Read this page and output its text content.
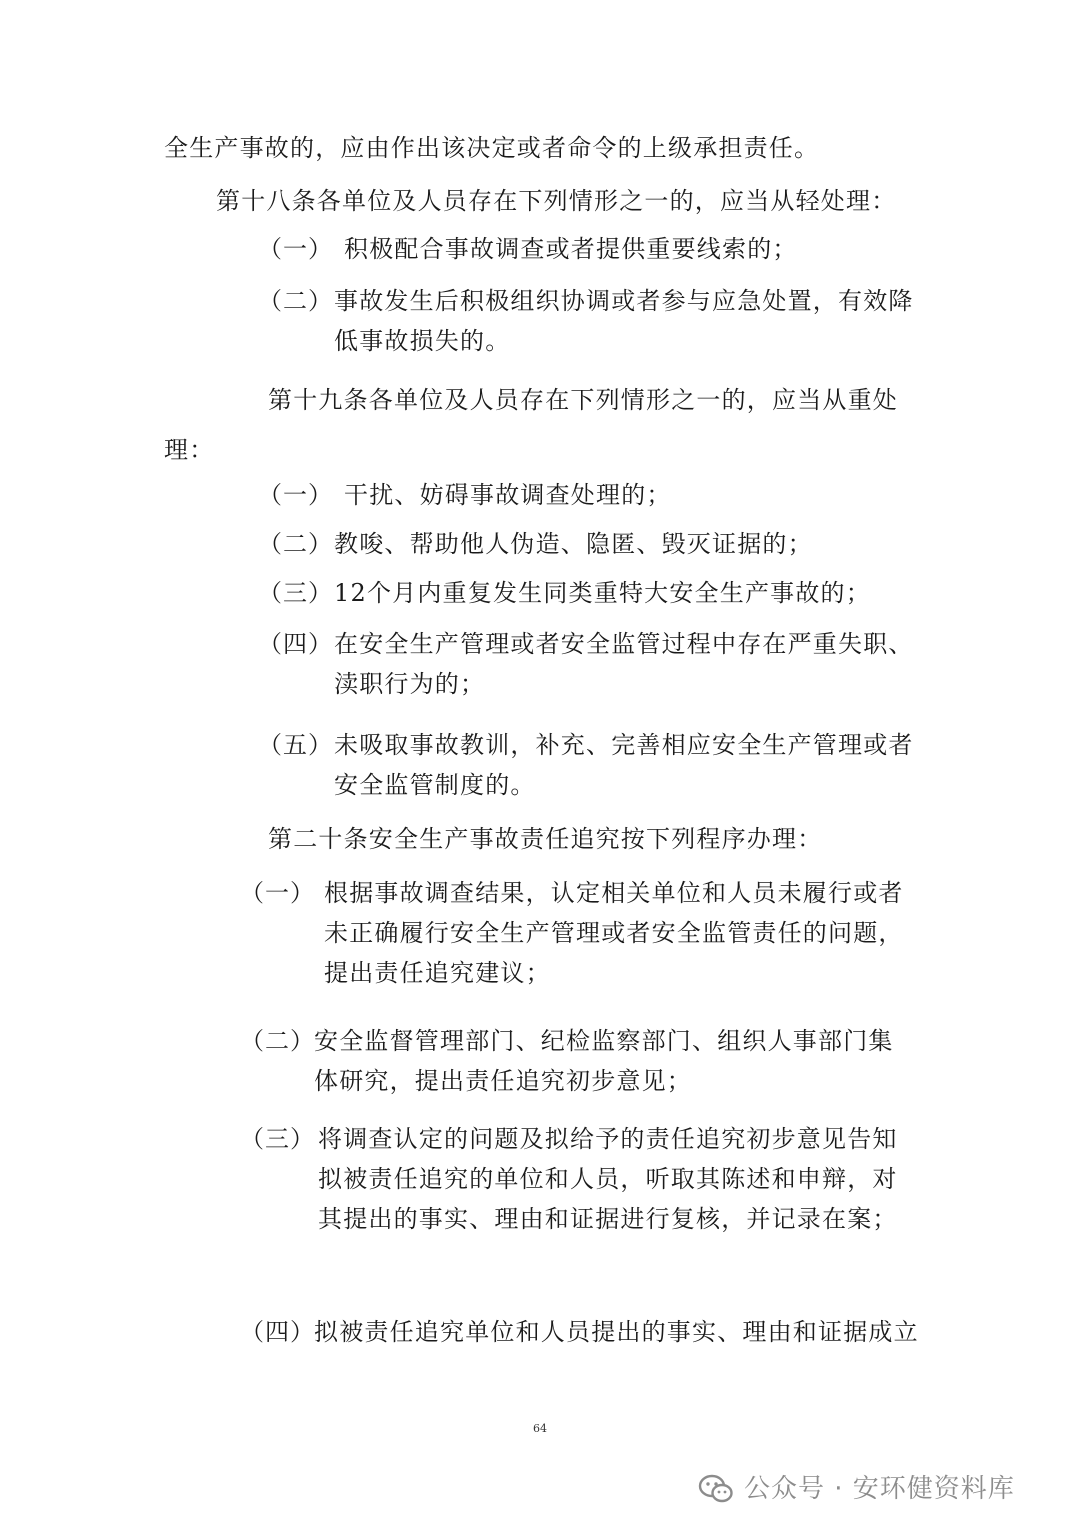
全生产事故的，应由作出该决定或者命令的上级承担责任。

第十八条各单位及人员存在下列情形之一的，应当从轻处理：

（一） 积极配合事故调查或者提供重要线索的；

（二） 事故发生后积极组织协调或者参与应急处置，有效降低事故损失的。

第十九条各单位及人员存在下列情形之一的，应当从重处

理：

（一） 干扰、妨碍事故调查处理的；

（二） 教唆、帮助他人伪造、隐匿、毁灭证据的；

（三） 12个月内重复发生同类重特大安全生产事故的；

（四） 在安全生产管理或者安全监管过程中存在严重失职、渎职行为的；

（五） 未吸取事故教训，补充、完善相应安全生产管理或者安全监管制度的。

第二十条安全生产事故责任追究按下列程序办理：

（一） 根据事故调查结果，认定相关单位和人员未履行或者未正确履行安全生产管理或者安全监管责任的问题，提出责任追究建议；

（二） 安全监督管理部门、纪检监察部门、组织人事部门集体研究，提出责任追究初步意见；

（三） 将调查认定的问题及拟给予的责任追究初步意见告知拟被责任追究的单位和人员，听取其陈述和申辩，对其提出的事实、理由和证据进行复核，并记录在案；

（四） 拟被责任追究单位和人员提出的事实、理由和证据成立

64
公众号 · 安环健资料库
